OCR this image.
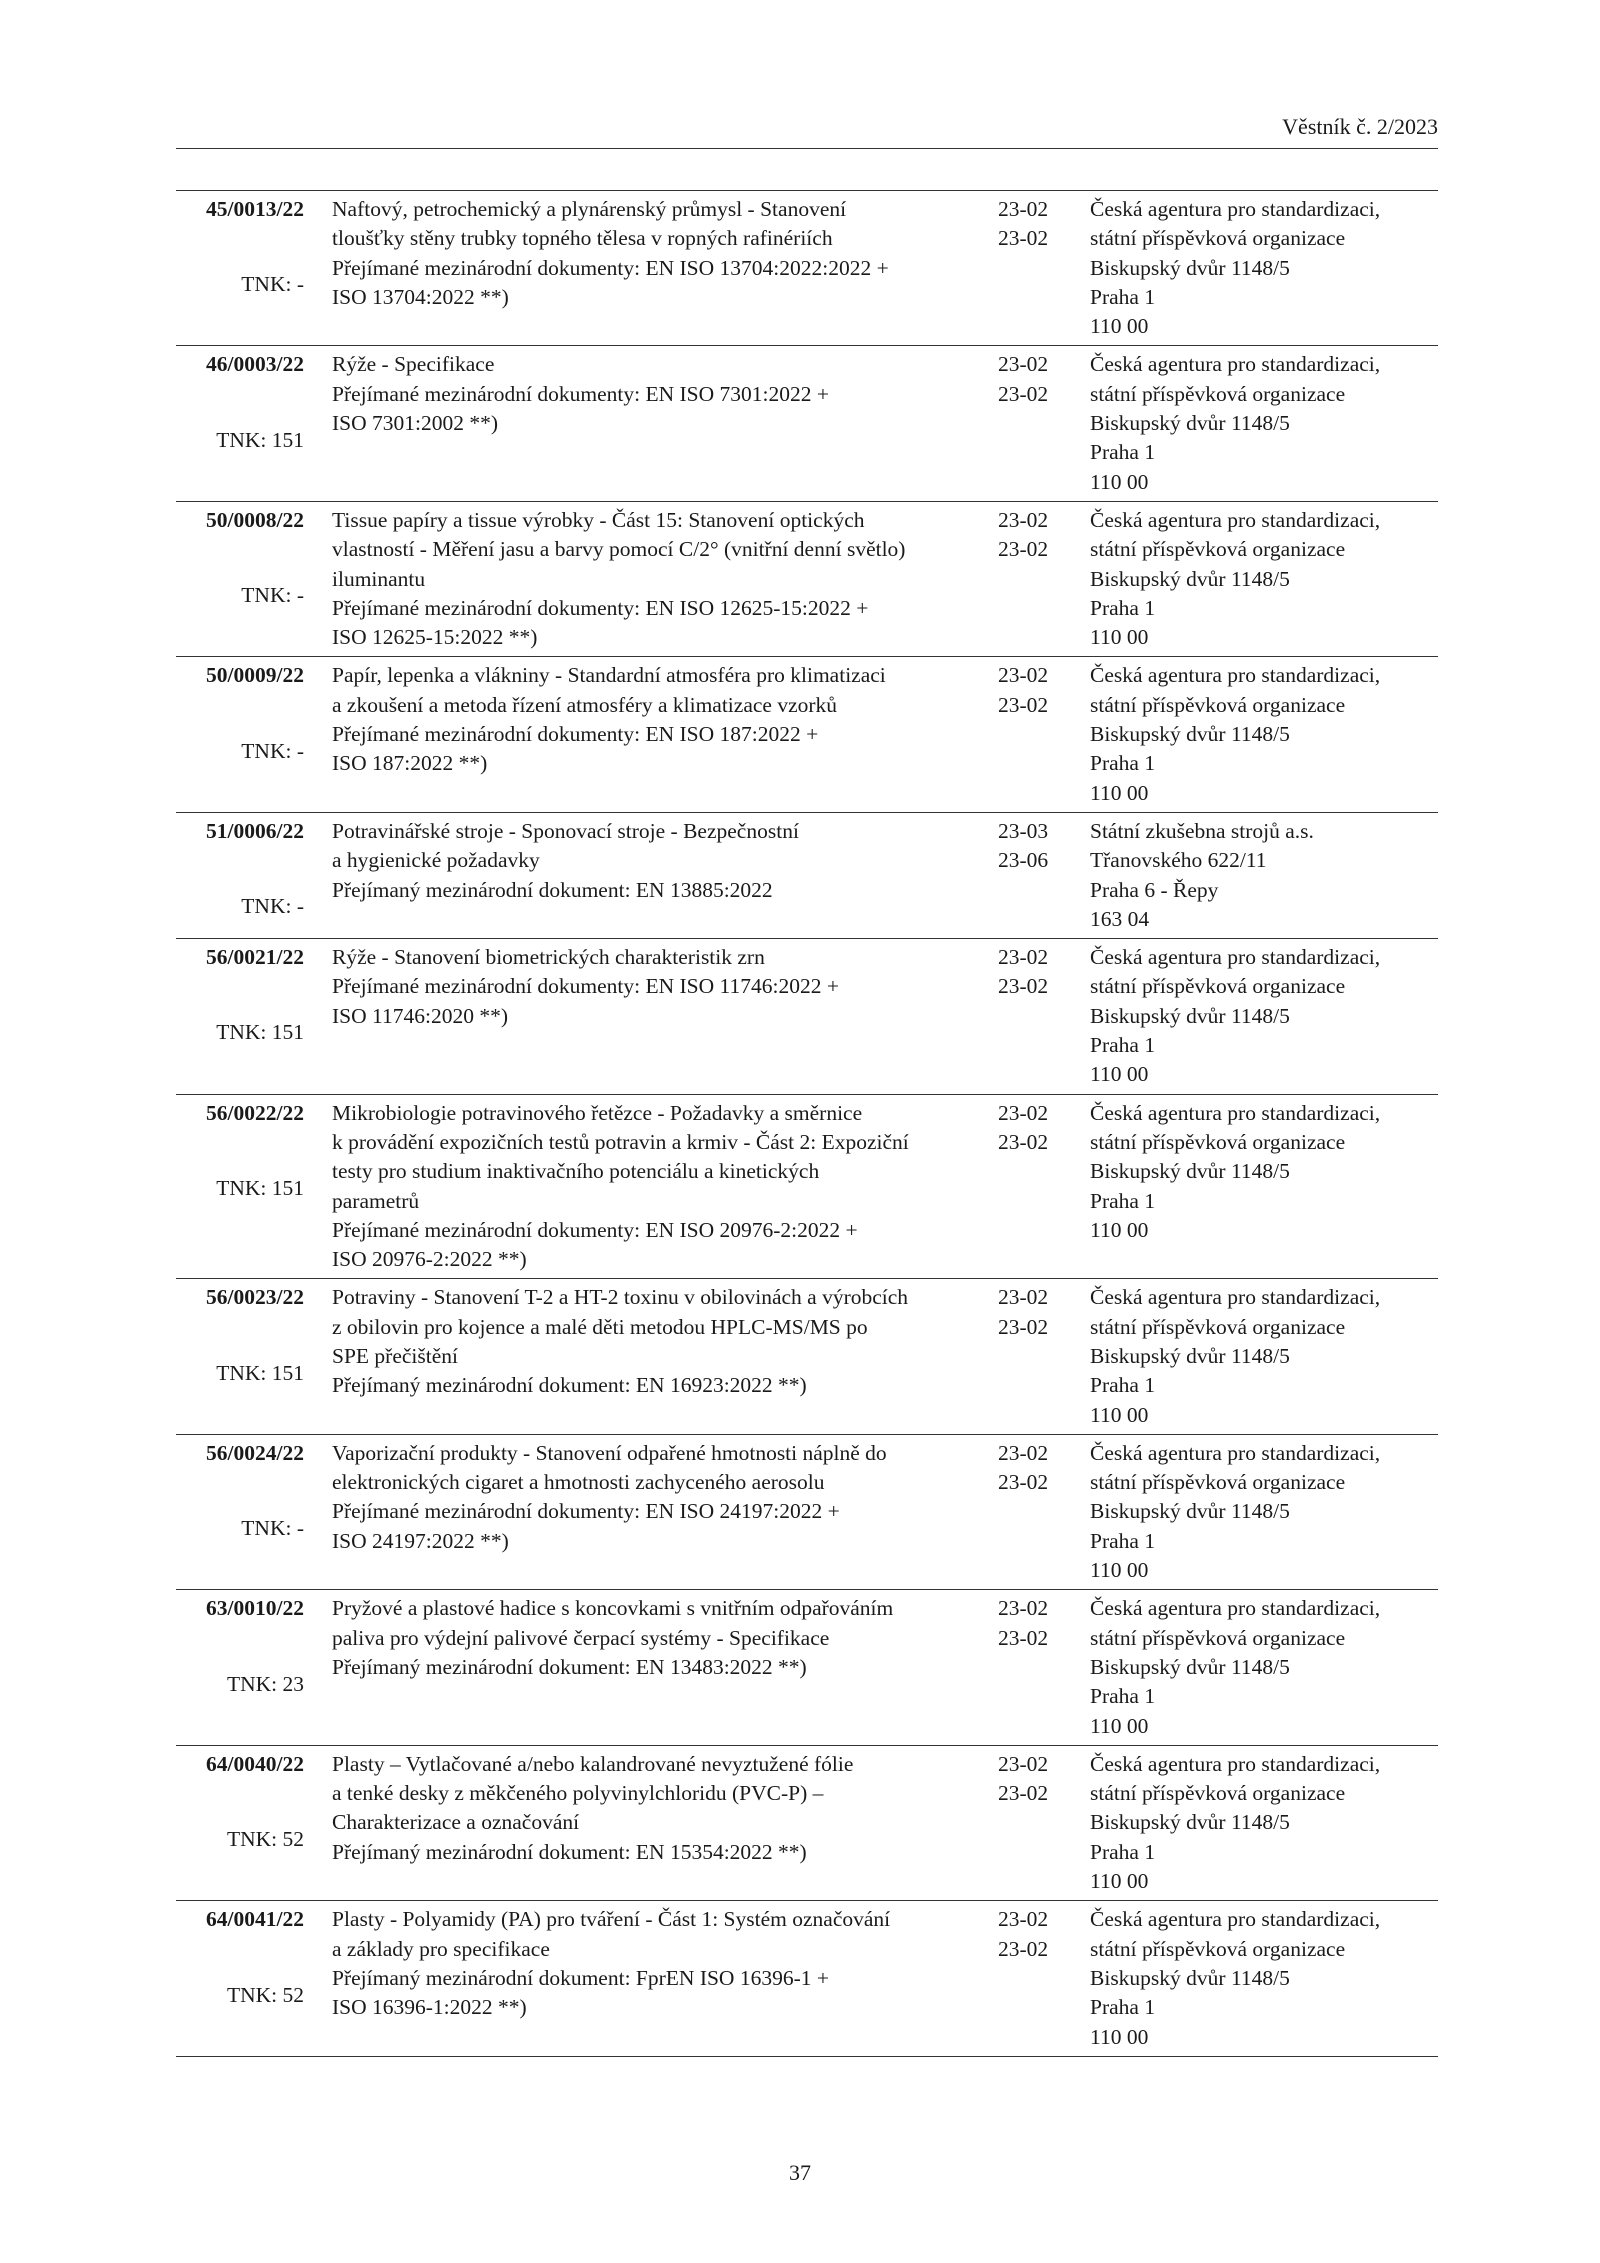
Věstník č. 2/2023
45/0013/22
TNK: -
Naftový, petrochemický a plynárenský průmysl - Stanovení
tloušťky stěny trubky topného tělesa v ropných rafinériích
Přejímané mezinárodní dokumenty: EN ISO 13704:2022:2022 +
ISO 13704:2022 **)
23-02
23-02
Česká agentura pro standardizaci,
státní příspěvková organizace
Biskupský dvůr 1148/5
Praha 1
110 00
46/0003/22
TNK: 151
Rýže - Specifikace
Přejímané mezinárodní dokumenty: EN ISO 7301:2022 +
ISO 7301:2002 **)
23-02
23-02
Česká agentura pro standardizaci,
státní příspěvková organizace
Biskupský dvůr 1148/5
Praha 1
110 00
50/0008/22
TNK: -
Tissue papíry a tissue výrobky - Část 15: Stanovení optických
vlastností - Měření jasu a barvy pomocí C/2° (vnitřní denní světlo)
iluminantu
Přejímané mezinárodní dokumenty: EN ISO 12625-15:2022 +
ISO 12625-15:2022 **)
23-02
23-02
Česká agentura pro standardizaci,
státní příspěvková organizace
Biskupský dvůr 1148/5
Praha 1
110 00
50/0009/22
TNK: -
Papír, lepenka a vlákniny - Standardní atmosféra pro klimatizaci
a zkoušení a metoda řízení atmosféry a klimatizace vzorků
Přejímané mezinárodní dokumenty: EN ISO 187:2022 +
ISO 187:2022 **)
23-02
23-02
Česká agentura pro standardizaci,
státní příspěvková organizace
Biskupský dvůr 1148/5
Praha 1
110 00
51/0006/22
TNK: -
Potravinářské stroje - Sponovací stroje - Bezpečnostní
a hygienické požadavky
Přejímaný mezinárodní dokument: EN 13885:2022
23-03
23-06
Státní zkušebna strojů a.s.
Třanovského 622/11
Praha 6 - Řepy
163 04
56/0021/22
TNK: 151
Rýže - Stanovení biometrických charakteristik zrn
Přejímané mezinárodní dokumenty: EN ISO 11746:2022 +
ISO 11746:2020 **)
23-02
23-02
Česká agentura pro standardizaci,
státní příspěvková organizace
Biskupský dvůr 1148/5
Praha 1
110 00
56/0022/22
TNK: 151
Mikrobiologie potravinového řetězce - Požadavky a směrnice
k provádění expozičních testů potravin a krmiv - Část 2: Expoziční
testy pro studium inaktivačního potenciálu a kinetických
parametrů
Přejímané mezinárodní dokumenty: EN ISO 20976-2:2022 +
ISO 20976-2:2022 **)
23-02
23-02
Česká agentura pro standardizaci,
státní příspěvková organizace
Biskupský dvůr 1148/5
Praha 1
110 00
56/0023/22
TNK: 151
Potraviny - Stanovení T-2 a HT-2 toxinu v obilovinách a výrobcích
z obilovin pro kojence a malé děti metodou HPLC-MS/MS po
SPE přečištění
Přejímaný mezinárodní dokument: EN 16923:2022 **)
23-02
23-02
Česká agentura pro standardizaci,
státní příspěvková organizace
Biskupský dvůr 1148/5
Praha 1
110 00
56/0024/22
TNK: -
Vaporizační produkty - Stanovení odpařené hmotnosti náplně do
elektronických cigaret a hmotnosti zachyceného aerosolu
Přejímané mezinárodní dokumenty: EN ISO 24197:2022 +
ISO 24197:2022 **)
23-02
23-02
Česká agentura pro standardizaci,
státní příspěvková organizace
Biskupský dvůr 1148/5
Praha 1
110 00
63/0010/22
TNK: 23
Pryžové a plastové hadice s koncovkami s vnitřním odpařováním
paliva pro výdejní palivové čerpací systémy - Specifikace
Přejímaný mezinárodní dokument: EN 13483:2022 **)
23-02
23-02
Česká agentura pro standardizaci,
státní příspěvková organizace
Biskupský dvůr 1148/5
Praha 1
110 00
64/0040/22
TNK: 52
Plasty – Vytlačované a/nebo kalandrované nevyztužené fólie
a tenké desky z měkčeného polyvinylchloridu (PVC-P) –
Charakterizace a označování
Přejímaný mezinárodní dokument: EN 15354:2022 **)
23-02
23-02
Česká agentura pro standardizaci,
státní příspěvková organizace
Biskupský dvůr 1148/5
Praha 1
110 00
64/0041/22
TNK: 52
Plasty - Polyamidy (PA) pro tváření - Část 1: Systém označování
a základy pro specifikace
Přejímaný mezinárodní dokument: FprEN ISO 16396-1 +
ISO 16396-1:2022 **)
23-02
23-02
Česká agentura pro standardizaci,
státní příspěvková organizace
Biskupský dvůr 1148/5
Praha 1
110 00
37
